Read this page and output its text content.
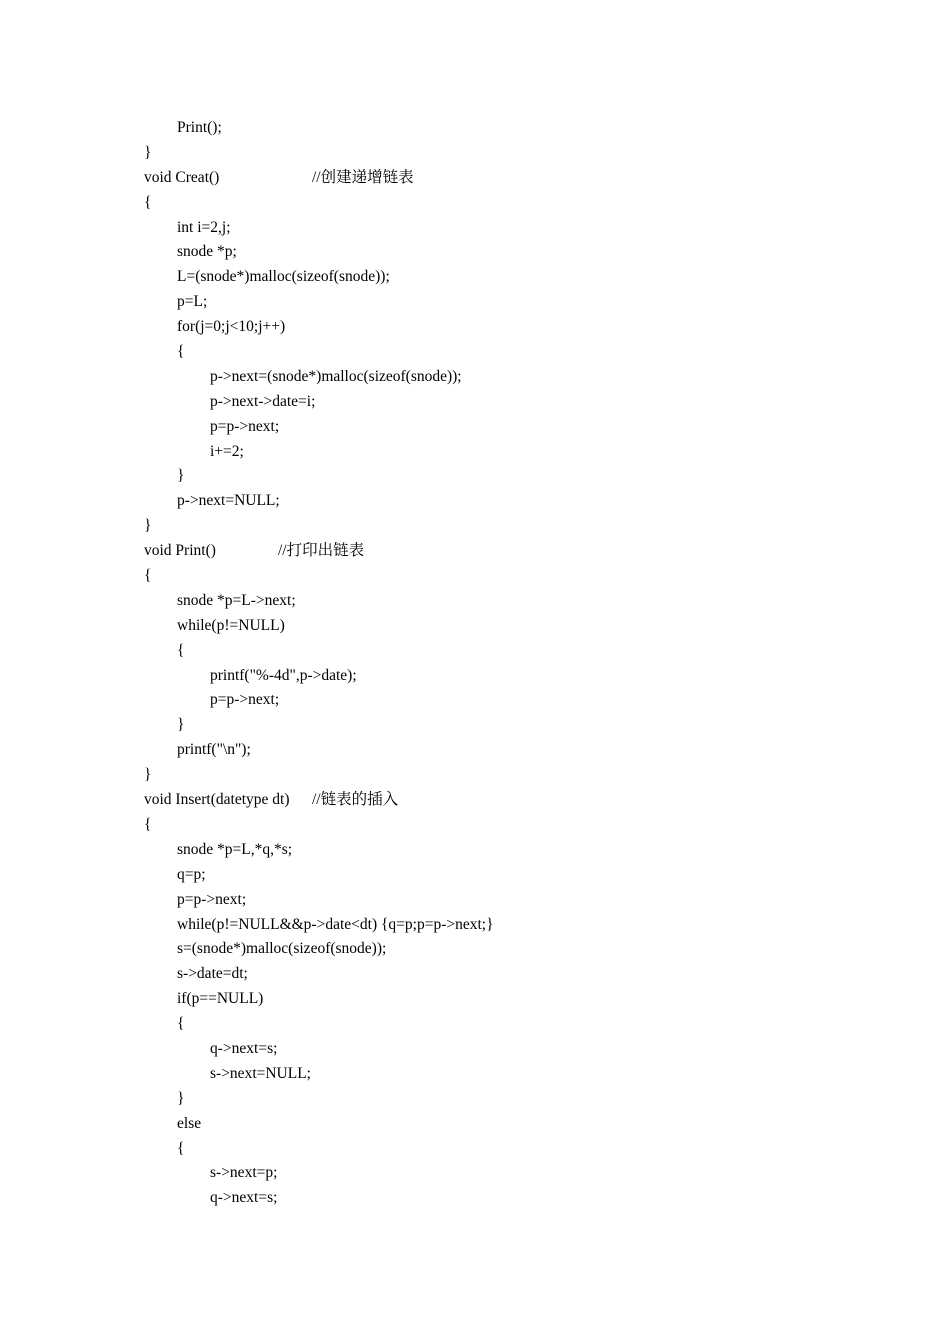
Print();
}
void Creat()	//创建递增链表
{
int i=2,j;
snode *p;
L=(snode*)malloc(sizeof(snode));
p=L;
for(j=0;j<10;j++)
{
p->next=(snode*)malloc(sizeof(snode));
p->next->date=i;
p=p->next;
i+=2;
}
p->next=NULL;
}
void Print()	//打印出链表
{
snode *p=L->next;
while(p!=NULL)
{
printf("%-4d",p->date);
p=p->next;
}
printf("\n");
}
void Insert(datetype dt) //链表的插入
{
snode *p=L,*q,*s;
q=p;
p=p->next;
while(p!=NULL&&p->date<dt) {q=p;p=p->next;}
s=(snode*)malloc(sizeof(snode));
s->date=dt;
if(p==NULL)
{
q->next=s;
s->next=NULL;
}
else
{
s->next=p;
q->next=s;
